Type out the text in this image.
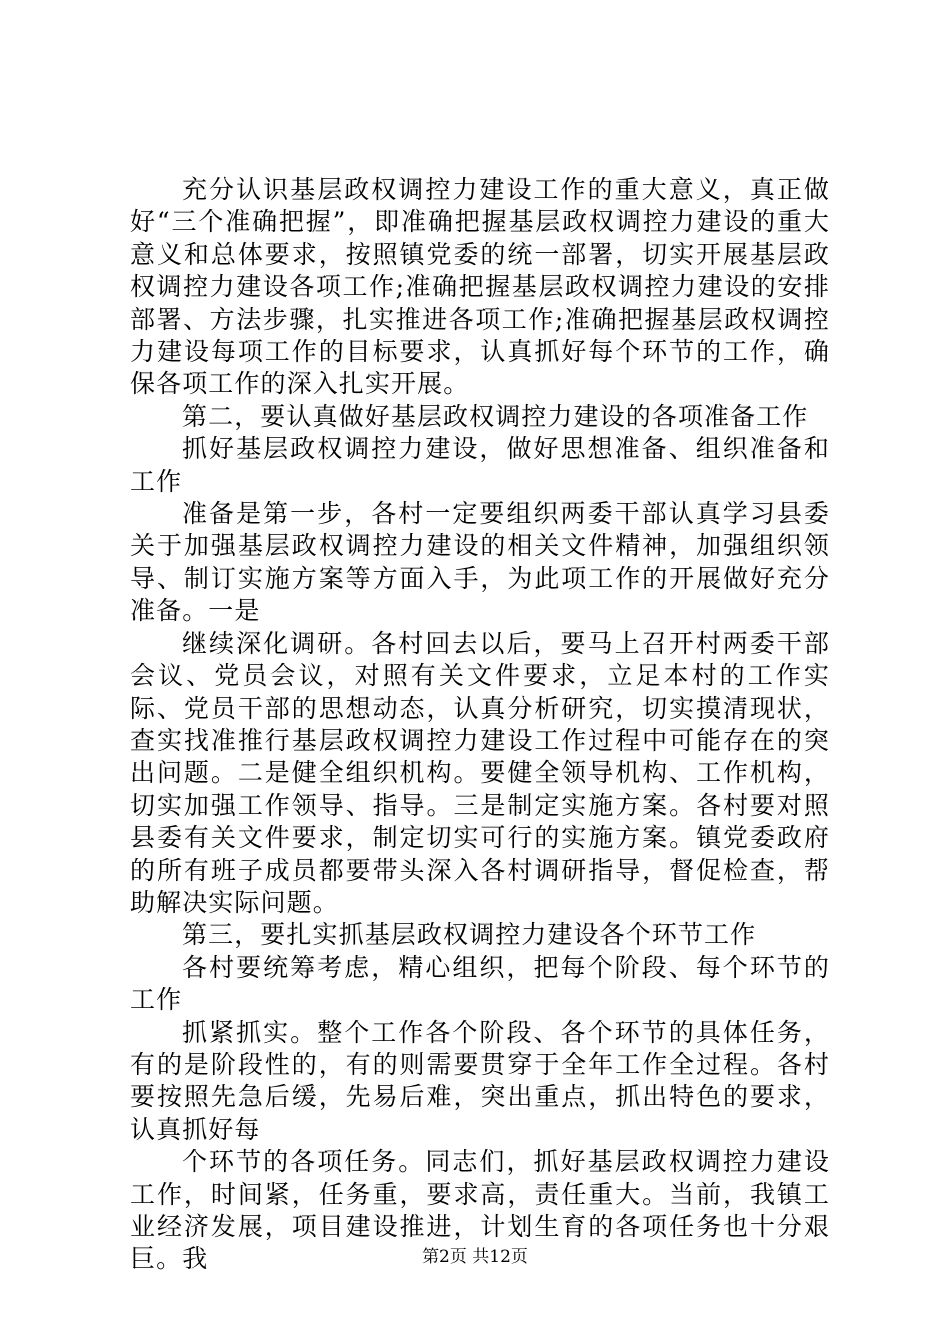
充分认识基层政权调控力建设工作的重大意义，真正做好“三个准确把握”，即准确把握基层政权调控力建设的重大意义和总体要求，按照镇党委的统一部署，切实开展基层政权调控力建设各项工作;准确把握基层政权调控力建设的安排部署、方法步骤，扎实推进各项工作;准确把握基层政权调控力建设每项工作的目标要求，认真抓好每个环节的工作，确保各项工作的深入扎实开展。

第二，要认真做好基层政权调控力建设的各项准备工作

抓好基层政权调控力建设，做好思想准备、组织准备和工作

准备是第一步，各村一定要组织两委干部认真学习县委关于加强基层政权调控力建设的相关文件精神，加强组织领导、制订实施方案等方面入手，为此项工作的开展做好充分准备。一是

继续深化调研。各村回去以后，要马上召开村两委干部会议、党员会议，对照有关文件要求，立足本村的工作实际、党员干部的思想动态，认真分析研究，切实摸清现状，查实找准推行基层政权调控力建设工作过程中可能存在的突出问题。二是健全组织机构。要健全领导机构、工作机构，切实加强工作领导、指导。三是制定实施方案。各村要对照县委有关文件要求，制定切实可行的实施方案。镇党委政府的所有班子成员都要带头深入各村调研指导，督促检查，帮助解决实际问题。

第三，要扎实抓基层政权调控力建设各个环节工作

各村要统筹考虑，精心组织，把每个阶段、每个环节的工作

抓紧抓实。整个工作各个阶段、各个环节的具体任务，有的是阶段性的，有的则需要贯穿于全年工作全过程。各村要按照先急后缓，先易后难，突出重点，抓出特色的要求，认真抓好每

个环节的各项任务。同志们，抓好基层政权调控力建设工作，时间紧，任务重，要求高，责任重大。当前，我镇工业经济发展，项目建设推进，计划生育的各项任务也十分艰巨。我	第2页 共12页
